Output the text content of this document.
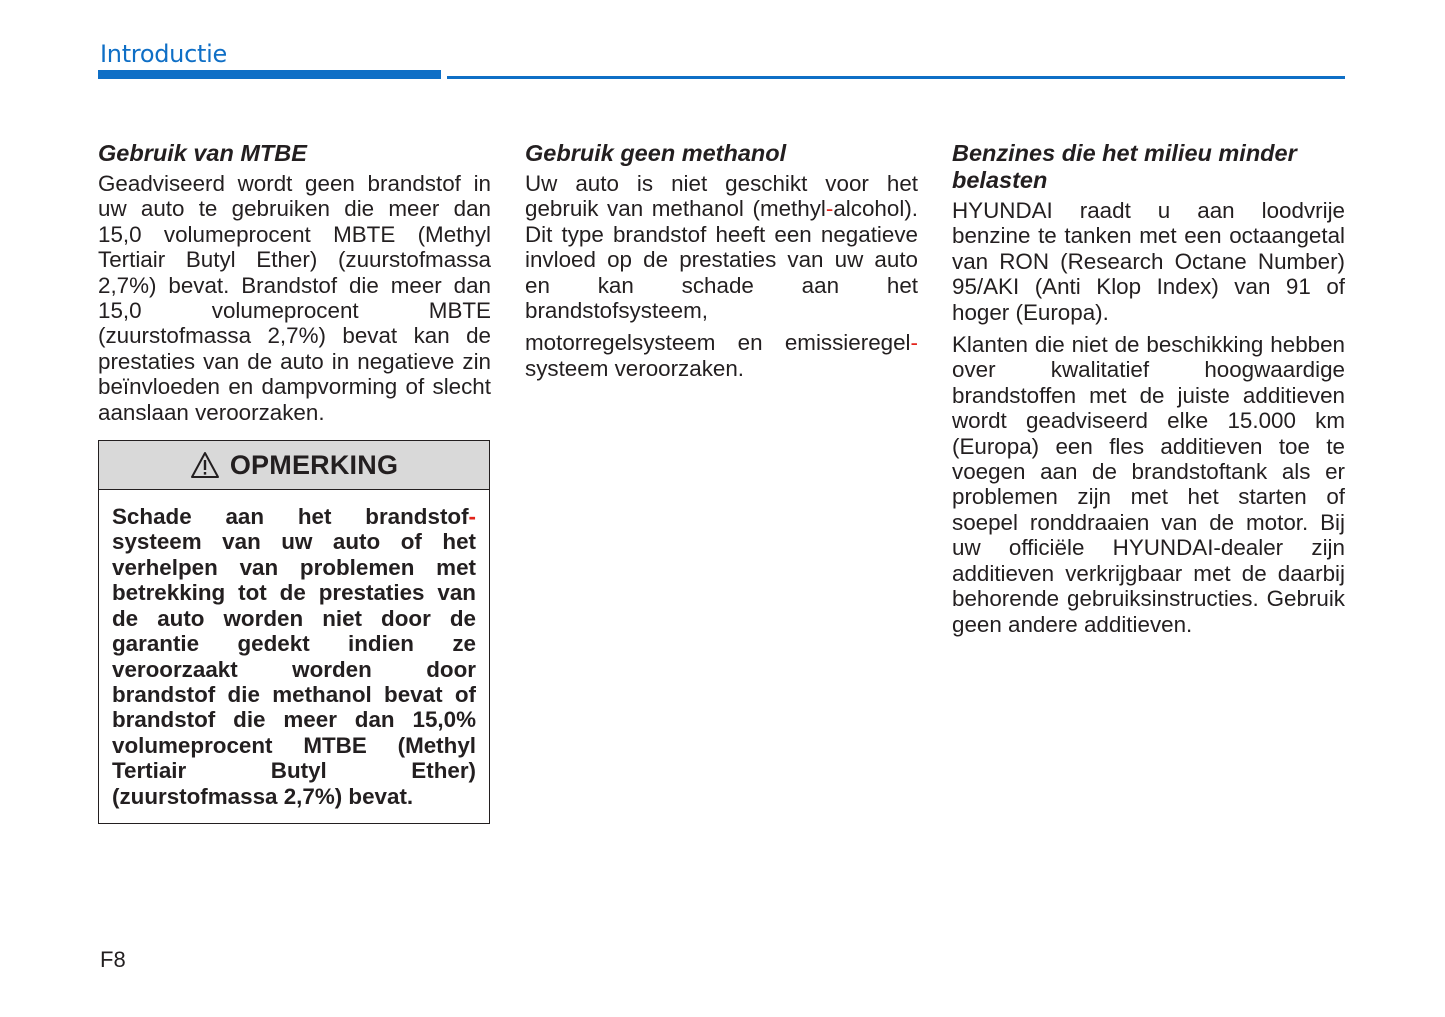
Introductie
Gebruik van MTBE

Geadviseerd wordt geen brandstof in uw auto te gebruiken die meer dan 15,0 volumeprocent MBTE (Methyl Tertiair Butyl Ether) (zuurstofmassa 2,7%) bevat. Brandstof die meer dan 15,0 volumeprocent MBTE (zuurstofmassa 2,7%) bevat kan de prestaties van de auto in negatieve zin beïnvloeden en dampvorming of slecht aanslaan veroorzaken.

OPMERKING

Schade aan het brandstof-systeem van uw auto of het verhelpen van problemen met betrekking tot de prestaties van de auto worden niet door de garantie gedekt indien ze veroorzaakt worden door brandstof die methanol bevat of brandstof die meer dan 15,0% volumeprocent MTBE (Methyl Tertiair Butyl Ether) (zuurstofmassa 2,7%) bevat.

Gebruik geen methanol

Uw auto is niet geschikt voor het gebruik van methanol (methyl-alcohol). Dit type brandstof heeft een negatieve invloed op de prestaties van uw auto en kan schade aan het brandstofsysteem,

motorregelsysteem en emissieregel-systeem veroorzaken.

Benzines die het milieu minder belasten

HYUNDAI raadt u aan loodvrije benzine te tanken met een octaangetal van RON (Research Octane Number) 95/AKI (Anti Klop Index) van 91 of hoger (Europa).

Klanten die niet de beschikking hebben over kwalitatief hoogwaardige brandstoffen met de juiste additieven wordt geadviseerd elke 15.000 km (Europa) een fles additieven toe te voegen aan de brandstoftank als er problemen zijn met het starten of soepel ronddraaien van de motor. Bij uw officiële HYUNDAI-dealer zijn additieven verkrijgbaar met de daarbij behorende gebruiksinstructies. Gebruik geen andere additieven.

F8
